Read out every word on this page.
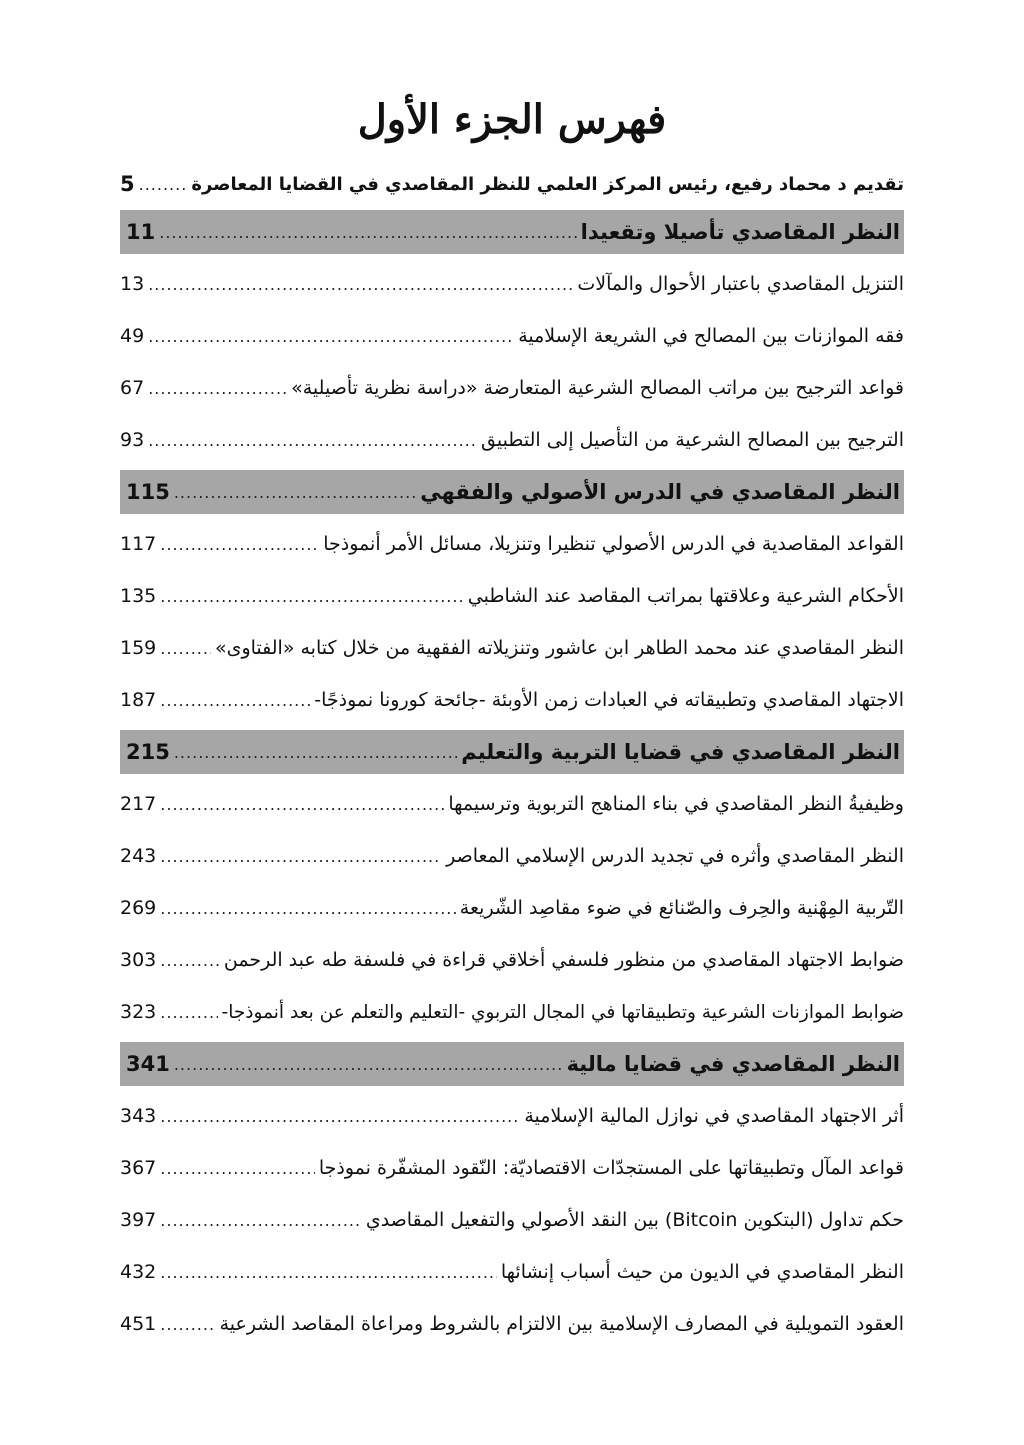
فهرس الجزء الأول
تقديم د محماد رفيع، رئيس المركز العلمي للنظر المقاصدي في القضايا المعاصرة
.....
5
النظر المقاصدي تأصيلا وتقعيدا
.....
11
التنزيل المقاصدي باعتبار الأحوال والمآلات
.....
13
فقه الموازنات بين المصالح في الشريعة الإسلامية
.....
49
قواعد الترجيح بين مراتب المصالح الشرعية المتعارضة «دراسة نظرية تأصيلية»
.....
67
الترجيح بين المصالح الشرعية من التأصيل إلى التطبيق
.....
93
النظر المقاصدي في الدرس الأصولي والفقهي
.....
115
القواعد المقاصدية في الدرس الأصولي تنظيرا وتنزيلا، مسائل الأمر أنموذجا
.....
117
الأحكام الشرعية وعلاقتها بمراتب المقاصد عند الشاطبي
.....
135
النظر المقاصدي عند محمد الطاهر ابن عاشور وتنزيلاته الفقهية من خلال كتابه «الفتاوى»
.....
159
الاجتهاد المقاصدي وتطبيقاته في العبادات زمن الأوبئة -جائحة كورونا نموذجًا-
.....
187
النظر المقاصدي في قضايا التربية والتعليم
.....
215
وظيفيةُ النظر المقاصدي في بناء المناهج التربوية وترسيمها
.....
217
النظر المقاصدي وأثره في تجديد الدرس الإسلامي المعاصر
.....
243
التّربية المِهْنية والحِرف والصّنائع في ضوء مقاصِد الشّريعة
.....
269
ضوابط الاجتهاد المقاصدي من منظور فلسفي أخلاقي قراءة في فلسفة طه عبد الرحمن
.....
303
ضوابط الموازنات الشرعية وتطبيقاتها في المجال التربوي -التعليم والتعلم عن بعد أنموذجا-
.....
323
النظر المقاصدي في قضايا مالية
.....
341
أثر الاجتهاد المقاصدي في نوازل المالية الإسلامية
.....
343
قواعد المآل وتطبيقاتها على المستجدّات الاقتصاديّة: النّقود المشفّرة نموذجا
.....
367
حكم تداول (البتكوين Bitcoin) بين النقد الأصولي والتفعيل المقاصدي
.....
397
النظر المقاصدي في الديون من حيث أسباب إنشائها
.....
432
العقود التمويلية في المصارف الإسلامية بين الالتزام بالشروط ومراعاة المقاصد الشرعية
.....
451
